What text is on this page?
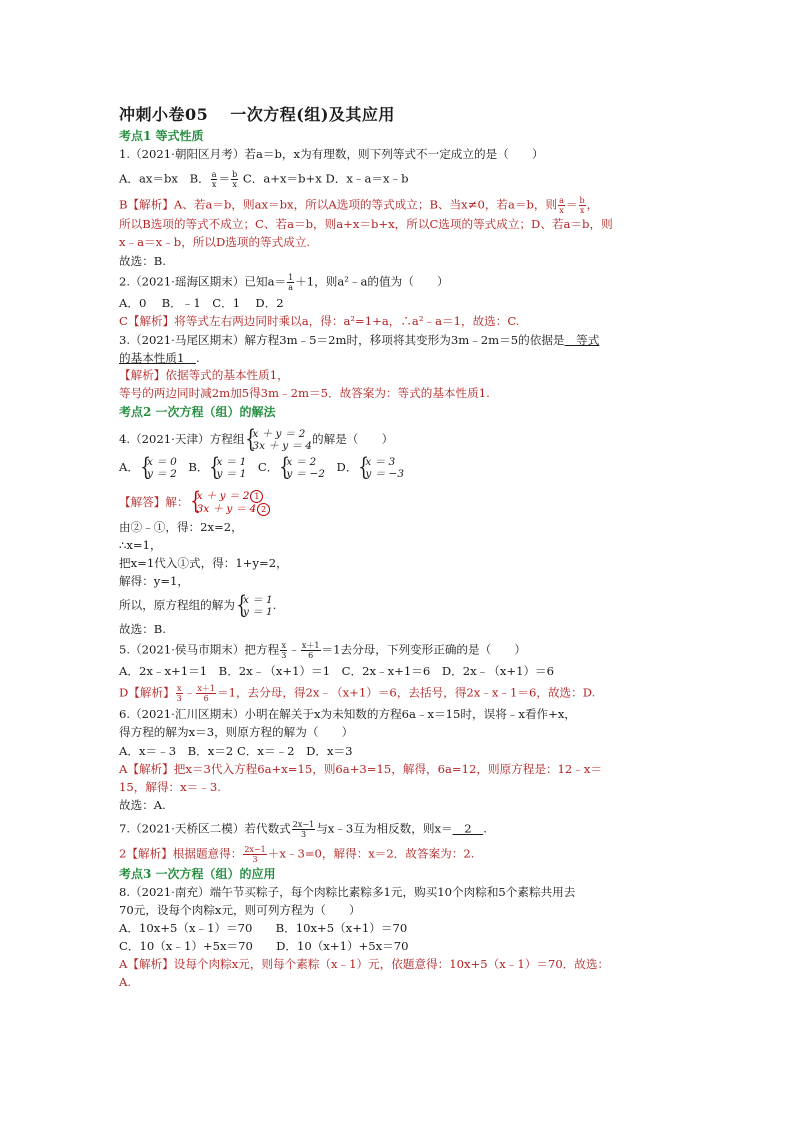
冲刺小卷05 一次方程(组)及其应用
考点1 等式性质
1.（2021·朝阳区月考）若a＝b，x为有理数，则下列等式不一定成立的是（　　）
A．ax＝bx　B． $\frac{a}{x} = \frac{b}{x}$ C．a+x＝b+x D．x﹣a＝x﹣b
B【解析】A、若a＝b，则ax＝bx，所以A选项的等式成立；B、当x≠0，若a＝b，则 $\frac{a}{x} = \frac{b}{x}$ ，
所以B选项的等式不成立；C、若a＝b，则a+x＝b+x，所以C选项的等式成立；D、若a＝b，则
x﹣a＝x﹣b，所以D选项的等式成立.
故选：B.
2.（2021·瑶海区期末）已知$a= \frac{1}{a} +1$，则a²﹣a的值为（　　）
A．0　 B．﹣1　C．1　 D．2
C【解析】将等式左右两边同时乘以a，得：a²=1+a，∴a²﹣a＝1，故选：C.
3.（2021·马尾区期末）解方程3m﹣5＝2m时，移项将其变形为3m﹣2m＝5的依据是　等式
的基本性质1　.
【解析】依据等式的基本性质1，
等号的两边同时减2m加5得3m﹣2m＝5．故答案为：等式的基本性质1.
考点2 一次方程（组）的解法
4.（2021·天津）方程组 { x ＋ y ＝ 2
3x ＋ y ＝ 4 的解是（　　）
A． { x ＝ 0
y ＝ 2 　B． { x ＝ 1
y ＝ 1 　C． { x ＝ 2
y ＝ −2 　D． { x ＝ 3
y ＝ −3
【解答】解： { x ＋ y ＝ 2 1
3x ＋ y ＝ 4 2
由②﹣①，得：2x=2，
∴x=1，
把x=1代入①式，得：1+y=2，
解得：y=1，
所以，原方程组的解为 { x ＝ 1
y ＝ 1 .
故选：B.
5.（2021·侯马市期末）把方程 $\frac{x}{3}$ ﹣ $\frac{x+1}{6} =1$去分母，下列变形正确的是（　　）
A．2x﹣x+1＝1　B．2x﹣（x+1）＝1　C．2x﹣x+1＝6　D．2x﹣（x+1）＝6
D【解析】 $\frac{x}{3}$ ﹣ $\frac{x+1}{6} =1$，去分母，得2x﹣（x+1）＝6，去括号，得2x﹣x﹣1＝6，故选：D.
6.（2021·汇川区期末）小明在解关于x为未知数的方程6a﹣x＝15时，误将﹣x看作+x，
得方程的解为x＝3，则原方程的解为（　　）
A．x＝﹣3　B．x＝2 C．x＝﹣2　D．x＝3
A【解析】把x＝3代入方程6a+x=15，则6a+3=15，解得，6a=12，则原方程是：12﹣x＝
15，解得：x＝﹣3.
故选：A.
7.（2021·天桥区二模）若代数式 $\frac{2x-1}{3}$ 与x﹣3互为相反数，则x＝　2　.
2【解析】根据题意得： $\frac{2x-1}{3}$ ＋x﹣3=0，解得：x＝2．故答案为：2.
考点3 一次方程（组）的应用
8.（2021·南充）端午节买粽子，每个肉粽比素粽多1元，购买10个肉粽和5个素粽共用去
70元，设每个肉粽x元，则可列方程为（　　）
A．10x+5（x﹣1）＝70　　B．10x+5（x+1）＝70
C．10（x﹣1）+5x＝70　　D．10（x+1）+5x＝70
A【解析】设每个肉粽x元，则每个素粽（x﹣1）元，依题意得：10x+5（x﹣1）＝70．故选：
A.
